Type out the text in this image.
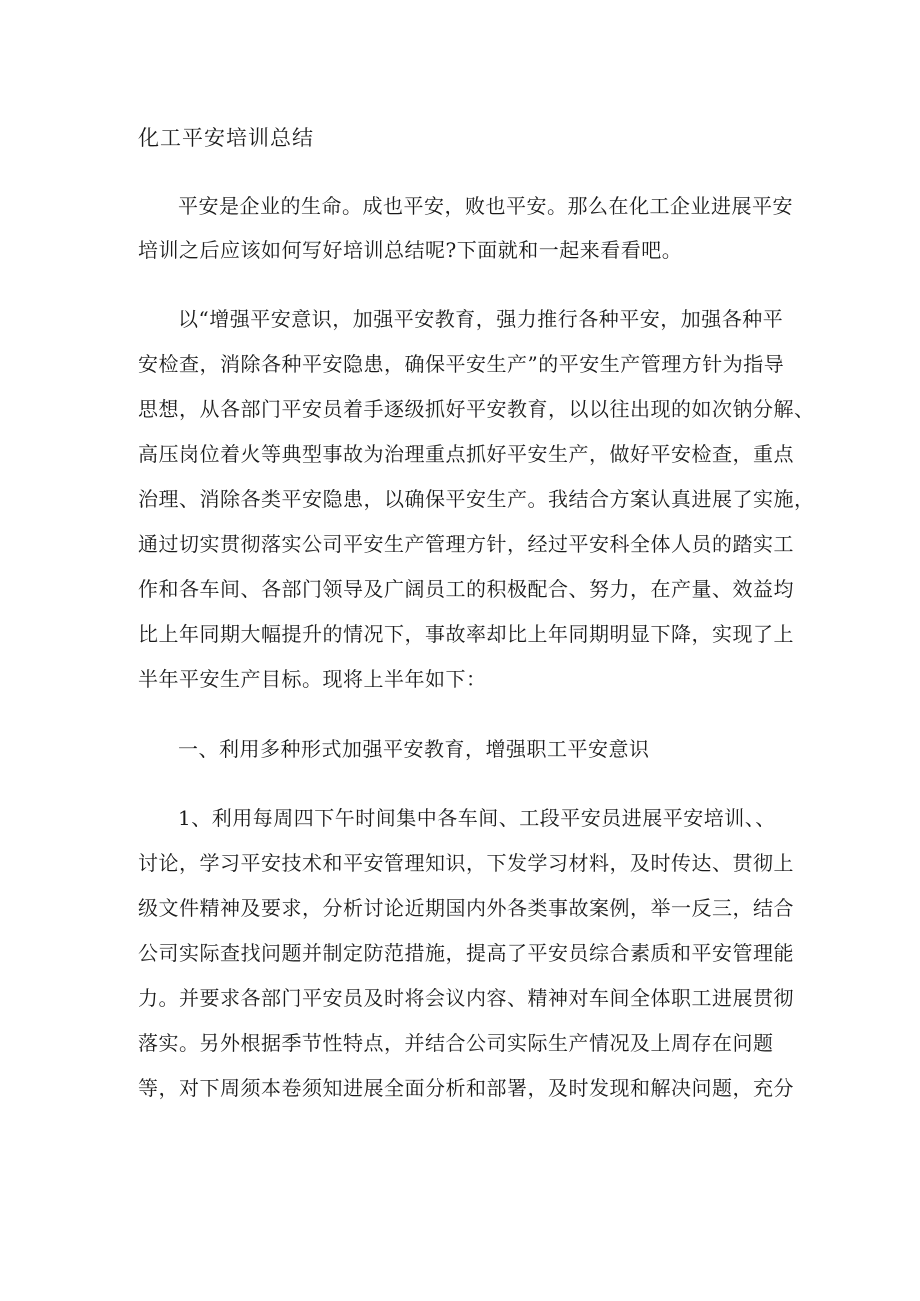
化工平安培训总结
平安是企业的生命。成也平安，败也平安。那么在化工企业进展平安
培训之后应该如何写好培训总结呢?下面就和一起来看看吧。
以“增强平安意识，加强平安教育，强力推行各种平安，加强各种平
安检查，消除各种平安隐患，确保平安生产”的平安生产管理方针为指导
思想，从各部门平安员着手逐级抓好平安教育，以以往出现的如次钠分解、
高压岗位着火等典型事故为治理重点抓好平安生产，做好平安检查，重点
治理、消除各类平安隐患，以确保平安生产。我结合方案认真进展了实施，
通过切实贯彻落实公司平安生产管理方针，经过平安科全体人员的踏实工
作和各车间、各部门领导及广阔员工的积极配合、努力，在产量、效益均
比上年同期大幅提升的情况下，事故率却比上年同期明显下降，实现了上
半年平安生产目标。现将上半年如下：
一、利用多种形式加强平安教育，增强职工平安意识
1、利用每周四下午时间集中各车间、工段平安员进展平安培训、、
讨论，学习平安技术和平安管理知识，下发学习材料，及时传达、贯彻上
级文件精神及要求，分析讨论近期国内外各类事故案例，举一反三，结合
公司实际查找问题并制定防范措施，提高了平安员综合素质和平安管理能
力。并要求各部门平安员及时将会议内容、精神对车间全体职工进展贯彻
落实。另外根据季节性特点，并结合公司实际生产情况及上周存在问题
等，对下周须本卷须知进展全面分析和部署，及时发现和解决问题，充分
